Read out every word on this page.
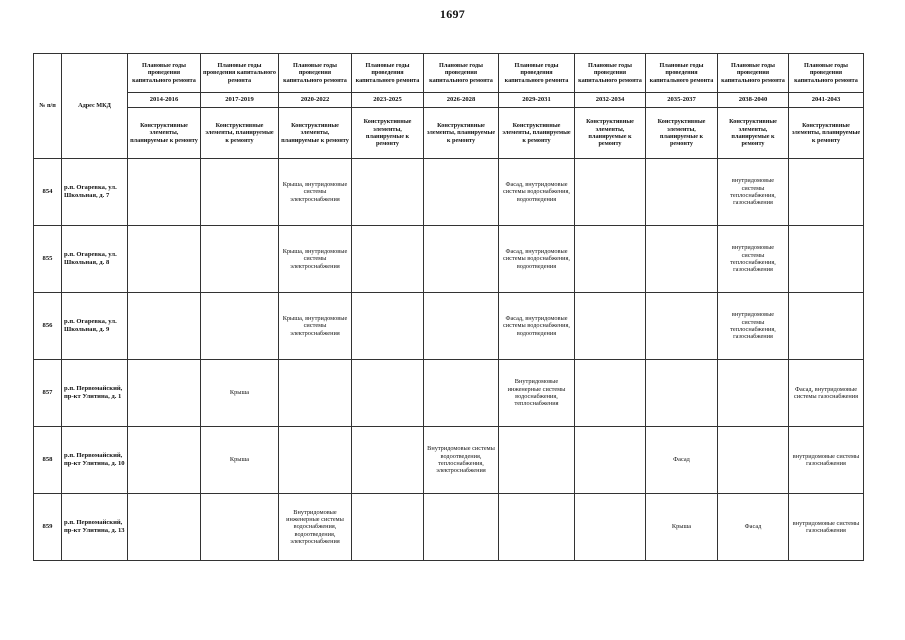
1697
№ п/п	Адрес МКД	Плановые годы проведения капитального ремонта	Плановые годы проведения капитального ремонта	Плановые годы проведения капитального ремонта	Плановые годы проведения капитального ремонта	Плановые годы проведения капитального ремонта	Плановые годы проведения капитального ремонта	Плановые годы проведения капитального ремонта	Плановые годы проведения капитального ремонта	Плановые годы проведения капитального ремонта	Плановые годы проведения капитального ремонта
		2014-2016	2017-2019	2020-2022	2023-2025	2026-2028	2029-2031	2032-2034	2035-2037	2038-2040	2041-2043
		Конструктивные элементы, планируемые к ремонту	Конструктивные элементы, планируемые к ремонту	Конструктивные элементы, планируемые к ремонту	Конструктивные элементы, планируемые к ремонту	Конструктивные элементы, планируемые к ремонту	Конструктивные элементы, планируемые к ремонту	Конструктивные элементы, планируемые к ремонту	Конструктивные элементы, планируемые к ремонту	Конструктивные элементы, планируемые к ремонту	Конструктивные элементы, планируемые к ремонту
854	р.п. Огаревка, ул. Школьная, д. 7			Крыша, внутридомовые системы электроснабжения			Фасад, внутридомовые системы водоснабжения, водоотведения			внутридомовые системы теплоснабжения, газоснабжения	
855	р.п. Огаревка, ул. Школьная, д. 8			Крыша, внутридомовые системы электроснабжения			Фасад, внутридомовые системы водоснабжения, водоотведения			внутридомовые системы теплоснабжения, газоснабжения	
856	р.п. Огаревка, ул. Школьная, д. 9			Крыша, внутридомовые системы электроснабжения			Фасад, внутридомовые системы водоснабжения, водоотведения			внутридомовые системы теплоснабжения, газоснабжения	
857	р.п. Первомайский, пр-кт Улитина, д. 1		Крыша				Внутридомовые инженерные системы водоснабжения, теплоснабжения				Фасад, внутридомовые системы газоснабжения
858	р.п. Первомайский, пр-кт Улитина, д. 10		Крыша			Внутридомовые системы водоотведения, теплоснабжения, электроснабжения			Фасад		внутридомовые системы газоснабжения
859	р.п. Первомайский, пр-кт Улитина, д. 13			Внутридомовые инженерные системы водоснабжения, водоотведения, электроснабжения					Крыша	Фасад	внутридомовые системы газоснабжения
